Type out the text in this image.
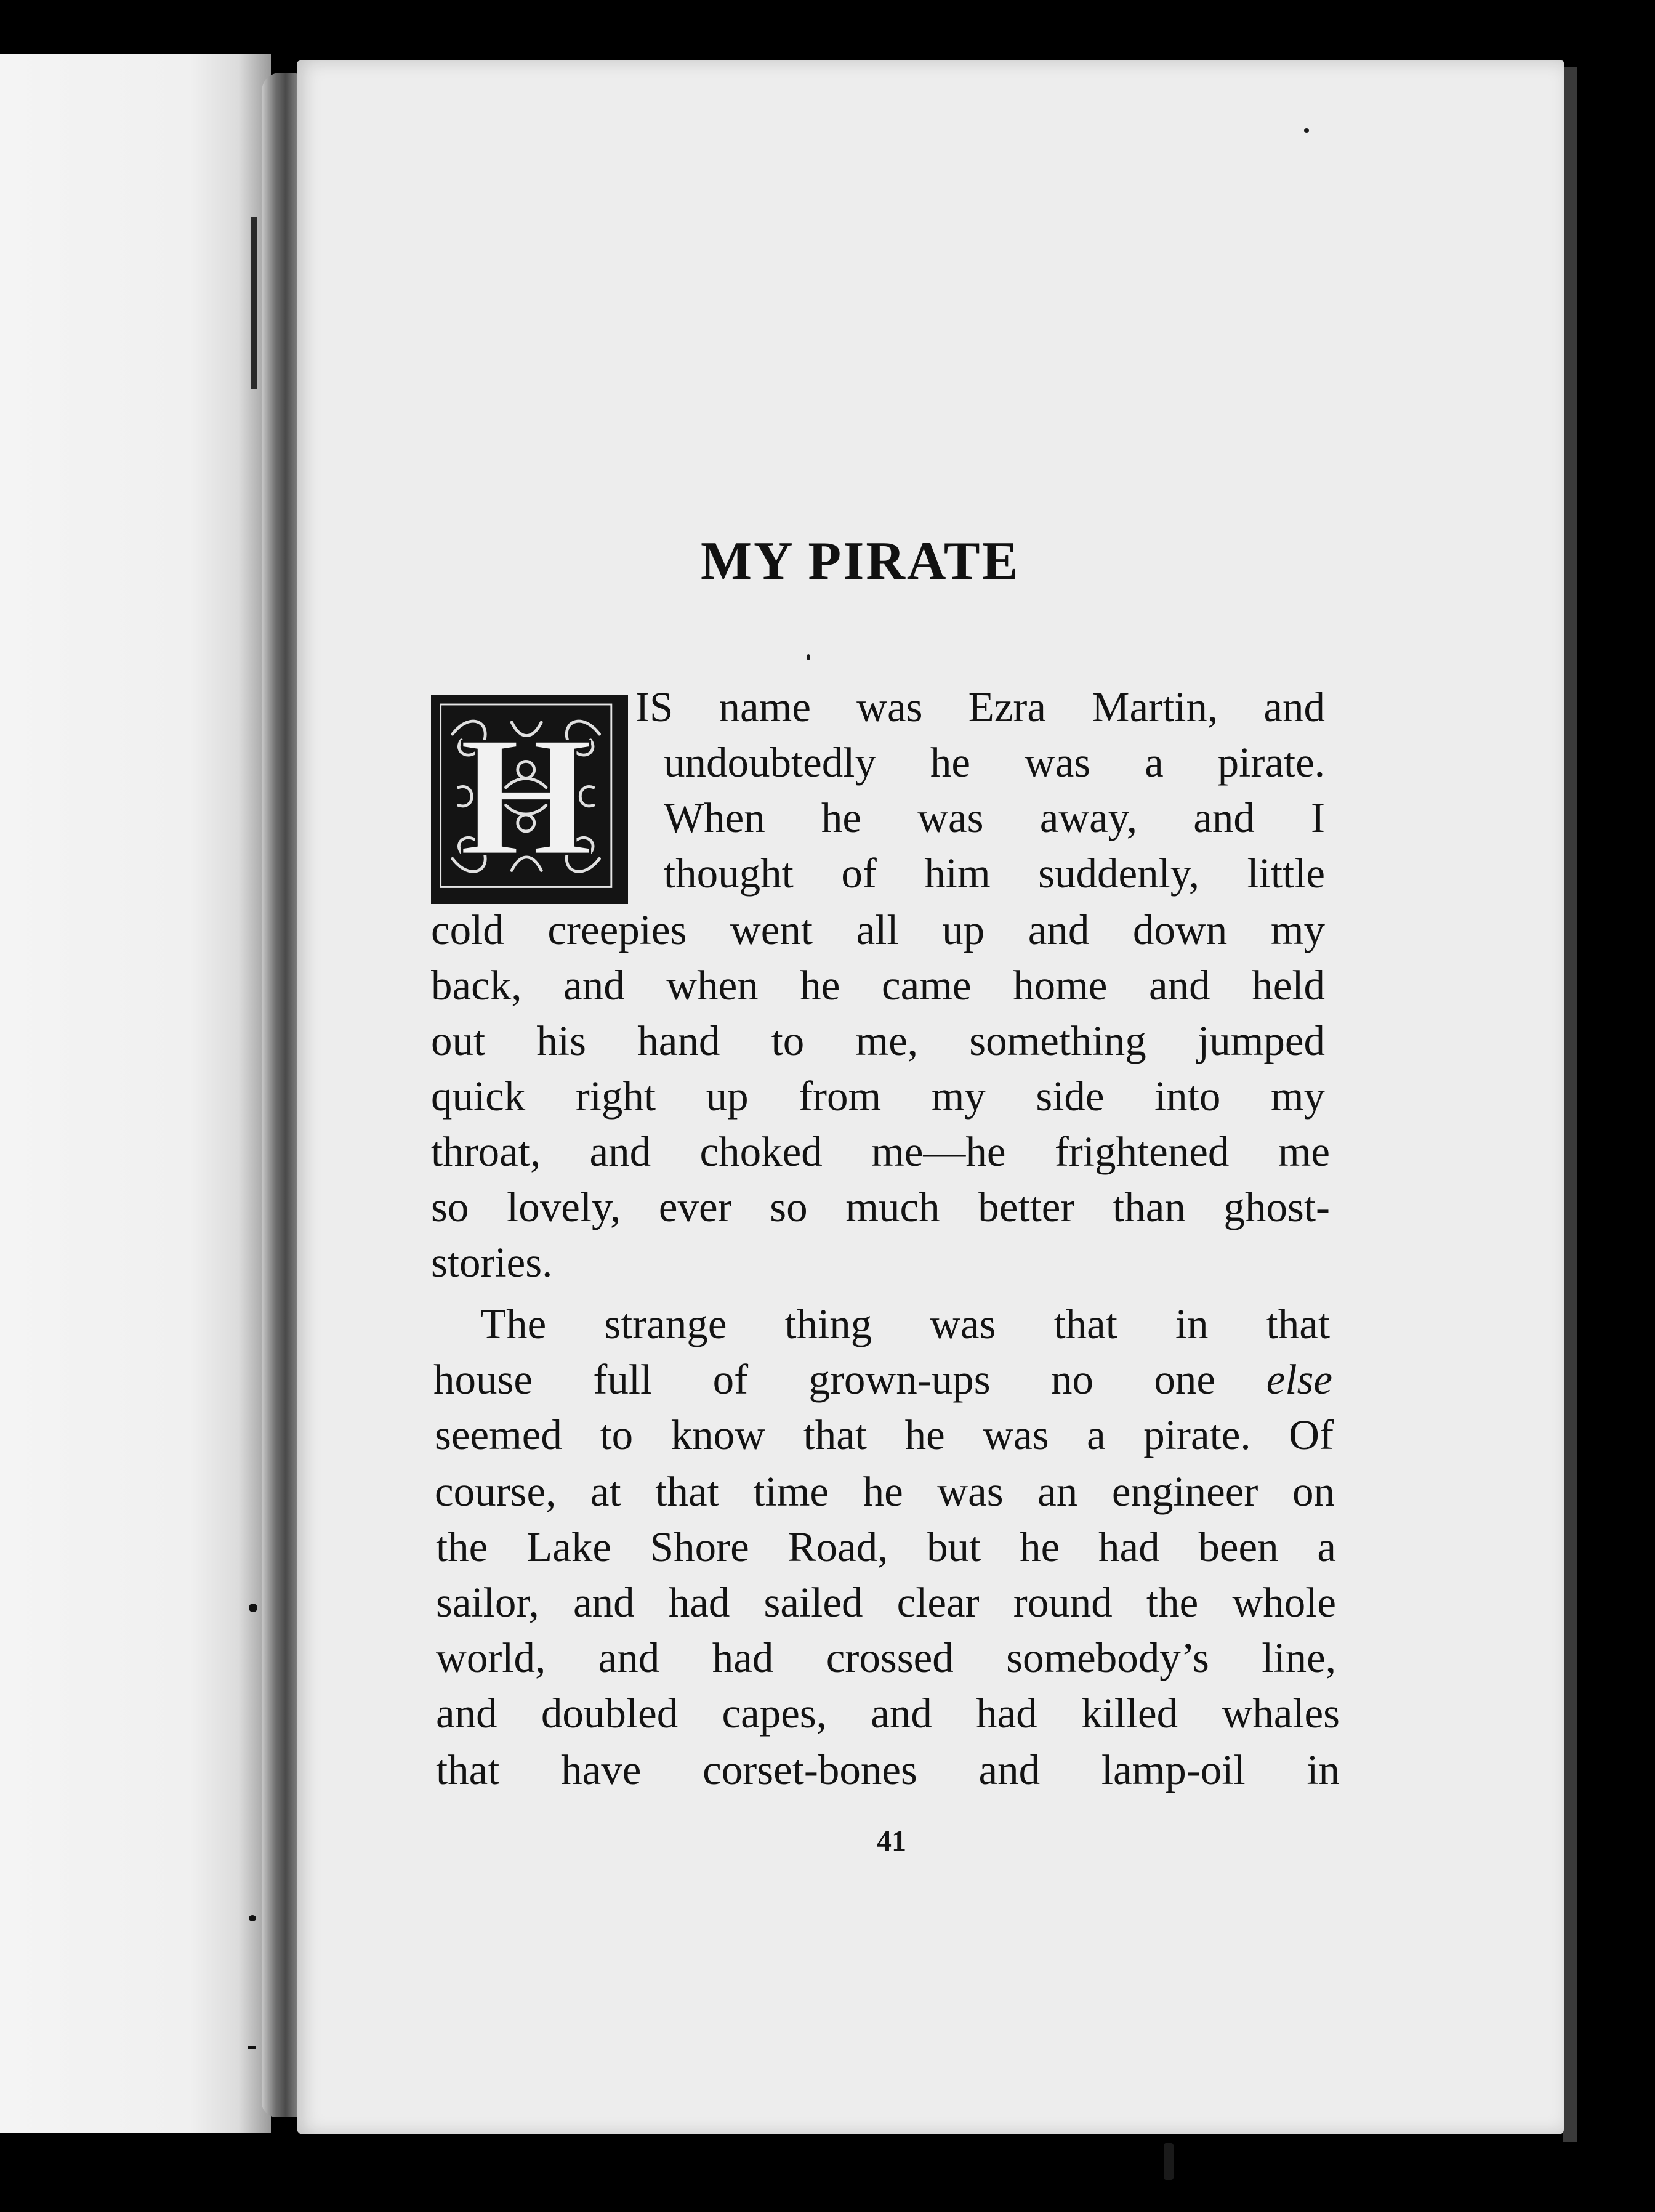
MY PIRATE
H IS name was Ezra Martin, and

undoubtedly he was a pirate.

When he was away, and I

thought of him suddenly, little

cold creepies went all up and down my

back, and when he came home and held

out his hand to me, something jumped

quick right up from my side into my

throat, and choked me—he frightened me

so lovely, ever so much better than ghost-

stories.

The strange thing was that in that

house full of grown-ups no one else

seemed to know that he was a pirate. Of

course, at that time he was an engineer on

the Lake Shore Road, but he had been a

sailor, and had sailed clear round the whole

world, and had crossed somebody’s line,

and doubled capes, and had killed whales

that have corset-bones and lamp-oil in

41
